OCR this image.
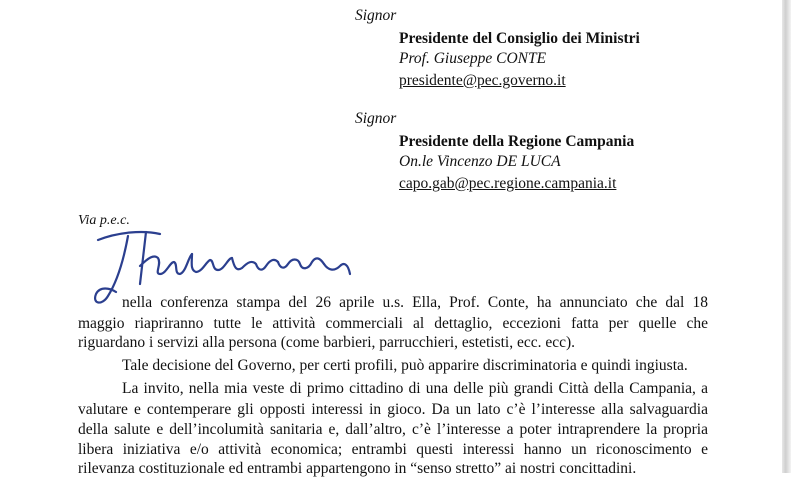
Signor
Presidente del Consiglio dei Ministri
Prof. Giuseppe CONTE
presidente@pec.governo.it
Signor
Presidente della Regione Campania
On.le Vincenzo DE LUCA
capo.gab@pec.regione.campania.it
Via p.e.c.
nella conferenza stampa del 26 aprile u.s. Ella, Prof. Conte, ha annunciato che dal 18
maggio riapriranno tutte le attività commerciali al dettaglio, eccezioni fatta per quelle che
riguardano i servizi alla persona (come barbieri, parrucchieri, estetisti, ecc. ecc).
Tale decisione del Governo, per certi profili, può apparire discriminatoria e quindi ingiusta.
La invito, nella mia veste di primo cittadino di una delle più grandi Città della Campania, a
valutare e contemperare gli opposti interessi in gioco. Da un lato c’è l’interesse alla salvaguardia
della salute e dell’incolumità sanitaria e, dall’altro, c’è l’interesse a poter intraprendere la propria
libera iniziativa e/o attività economica; entrambi questi interessi hanno un riconoscimento e
rilevanza costituzionale ed entrambi appartengono in “senso stretto” ai nostri concittadini.
